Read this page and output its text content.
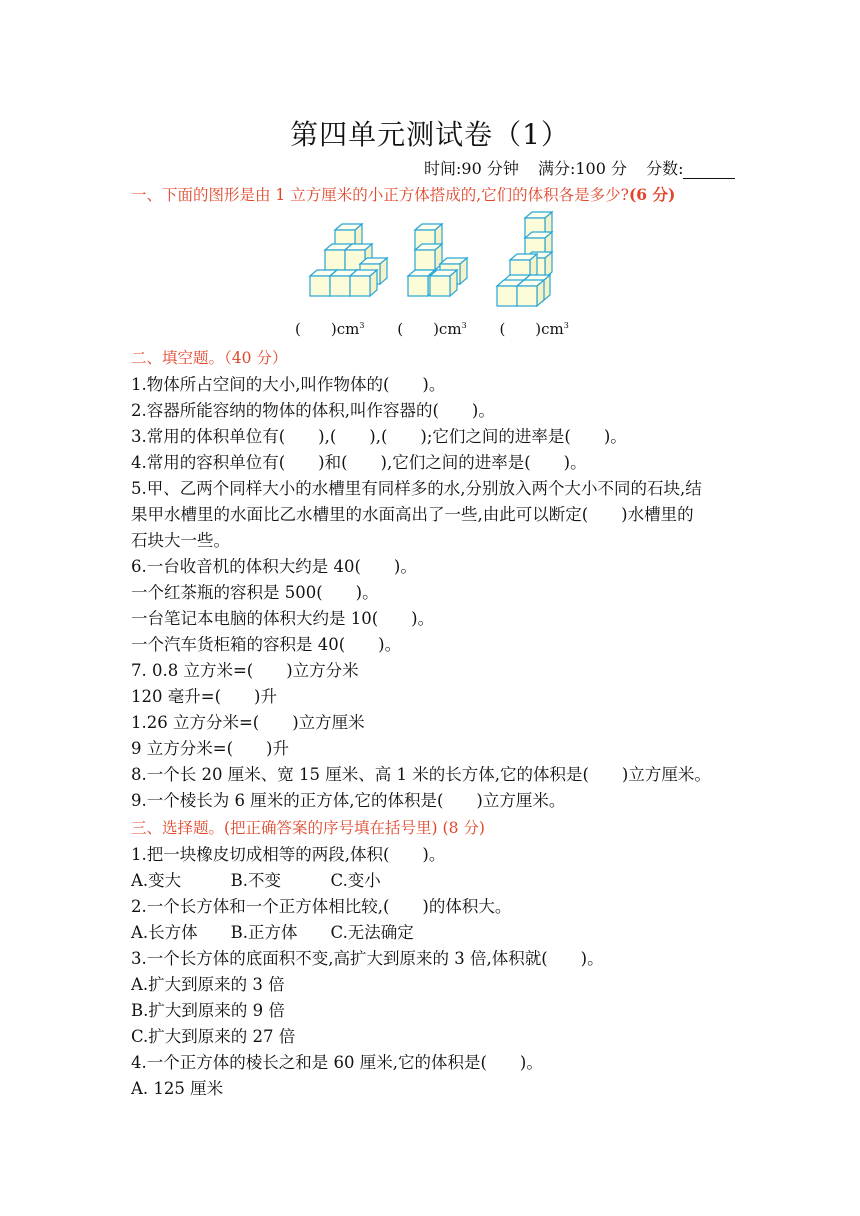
第四单元测试卷（1）
时间:90 分钟 满分:100 分 分数:
一、下面的图形是由 1 立方厘米的小正方体搭成的,它们的体积各是多少?(6 分)
(　　)$cm^3$ (　　)$cm^3$ (　　)$cm^3$
二、填空题。（40 分）
1.物体所占空间的大小,叫作物体的(　　)。
2.容器所能容纳的物体的体积,叫作容器的(　　)。
3.常用的体积单位有(　　),(　　),(　　);它们之间的进率是(　　)。
4.常用的容积单位有(　　)和(　　),它们之间的进率是(　　)。
5.甲、乙两个同样大小的水槽里有同样多的水,分别放入两个大小不同的石块,结
果甲水槽里的水面比乙水槽里的水面高出了一些,由此可以断定(　　)水槽里的
石块大一些。
6.一台收音机的体积大约是 40(　　)。
一个红茶瓶的容积是 500(　　)。
一台笔记本电脑的体积大约是 10(　　)。
一个汽车货柜箱的容积是 40(　　)。
7. 0.8 立方米=(　　)立方分米
120 毫升=(　　)升
1.26 立方分米=(　　)立方厘米
9 立方分米=(　　)升
8.一个长 20 厘米、宽 15 厘米、高 1 米的长方体,它的体积是(　　)立方厘米。
9.一个棱长为 6 厘米的正方体,它的体积是(　　)立方厘米。
三、选择题。(把正确答案的序号填在括号里) (8 分)
1.把一块橡皮切成相等的两段,体积(　　)。
A.变大　　　B.不变　　　C.变小
2.一个长方体和一个正方体相比较,(　　)的体积大。
A.长方体　　B.正方体　　C.无法确定
3.一个长方体的底面积不变,高扩大到原来的 3 倍,体积就(　　)。
A.扩大到原来的 3 倍
B.扩大到原来的 9 倍
C.扩大到原来的 27 倍
4.一个正方体的棱长之和是 60 厘米,它的体积是(　　)。
A. 125 厘米
